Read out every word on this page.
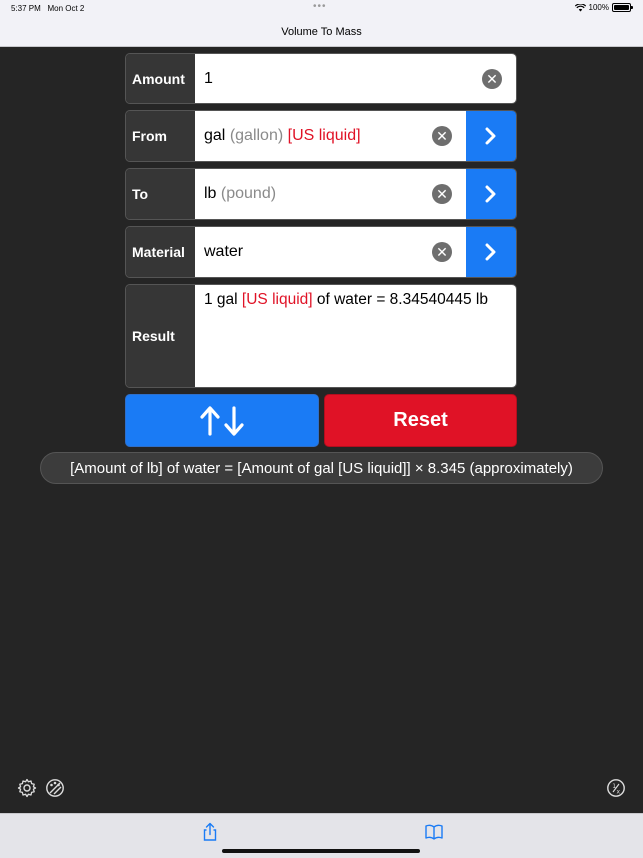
5:37 PM Mon Oct 2	•••	100%
Volume To Mass
Amount	1	✕
From	gal
(gallon)
[US liquid]	✕
To	lb
(pound)	✕
Material	water	✕
Result
1 gal [US liquid] of water = 8.34540445 lb
Reset
[Amount of lb] of water = [Amount of gal [US liquid]] × 8.345 (approximately)
1
x
